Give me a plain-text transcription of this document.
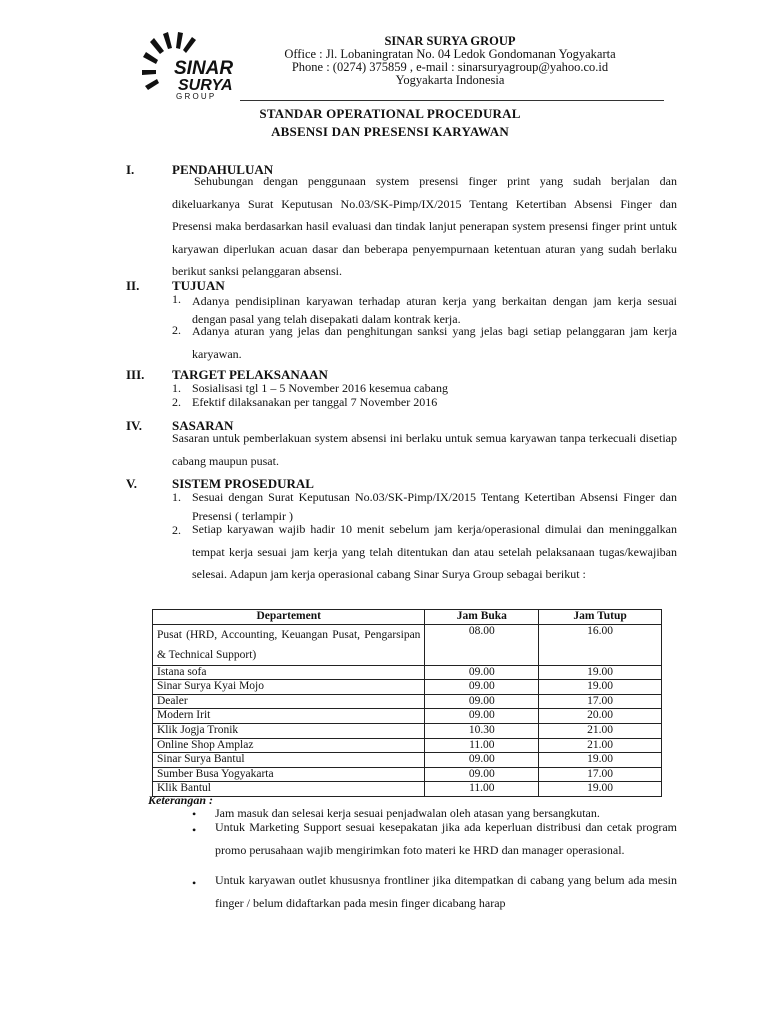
SINAR
SURYA
G R O U P
SINAR SURYA GROUP
Office : Jl. Lobaningratan No. 04 Ledok Gondomanan Yogyakarta
Phone : (0274) 375859 , e-mail : sinarsuryagroup@yahoo.co.id
Yogyakarta Indonesia
STANDAR OPERATIONAL PROCEDURAL
ABSENSI DAN PRESENSI KARYAWAN
I.	PENDAHULUAN
Sehubungan dengan penggunaan system presensi finger print yang sudah berjalan dan dikeluarkanya Surat Keputusan No.03/SK-Pimp/IX/2015 Tentang Ketertiban Absensi Finger dan Presensi maka berdasarkan hasil evaluasi dan tindak lanjut penerapan system presensi finger print untuk karyawan diperlukan acuan dasar dan beberapa penyempurnaan ketentuan aturan yang sudah berlaku berikut sanksi pelanggaran absensi.
II.	TUJUAN
1. Adanya pendisiplinan karyawan terhadap aturan kerja yang berkaitan dengan jam kerja sesuai dengan pasal yang telah disepakati dalam kontrak kerja.
2. Adanya aturan yang jelas dan penghitungan sanksi yang jelas bagi setiap pelanggaran jam kerja karyawan.
III. TARGET PELAKSANAAN
1. Sosialisasi tgl 1 – 5 November 2016 kesemua cabang
2. Efektif dilaksanakan per tanggal 7 November 2016
IV. SASARAN
Sasaran untuk pemberlakuan system absensi ini berlaku untuk semua karyawan tanpa terkecuali disetiap cabang maupun pusat.
V.	SISTEM PROSEDURAL
1. Sesuai dengan Surat Keputusan No.03/SK-Pimp/IX/2015 Tentang Ketertiban Absensi Finger dan Presensi ( terlampir )
2. Setiap karyawan wajib hadir 10 menit sebelum jam kerja/operasional dimulai dan meninggalkan tempat kerja sesuai jam kerja yang telah ditentukan dan atau setelah pelaksanaan tugas/kewajiban selesai. Adapun jam kerja operasional cabang Sinar Surya Group sebagai berikut :
Departement	Jam Buka	Jam Tutup
Pusat (HRD, Accounting, Keuangan Pusat, Pengarsipan & Technical Support)	08.00	16.00
Istana sofa	09.00	19.00
Sinar Surya Kyai Mojo	09.00	19.00
Dealer	09.00	17.00
Modern Irit	09.00	20.00
Klik Jogja Tronik	10.30	21.00
Online Shop Amplaz	11.00	21.00
Sinar Surya Bantul	09.00	19.00
Sumber Busa Yogyakarta	09.00	17.00
Klik Bantul	11.00	19.00
Keterangan :
• Jam masuk dan selesai kerja sesuai penjadwalan oleh atasan yang bersangkutan.
• Untuk Marketing Support sesuai kesepakatan jika ada keperluan distribusi dan cetak program promo perusahaan wajib mengirimkan foto materi ke HRD dan manager operasional.
• Untuk karyawan outlet khususnya frontliner jika ditempatkan di cabang yang belum ada mesin finger / belum didaftarkan pada mesin finger dicabang harap
